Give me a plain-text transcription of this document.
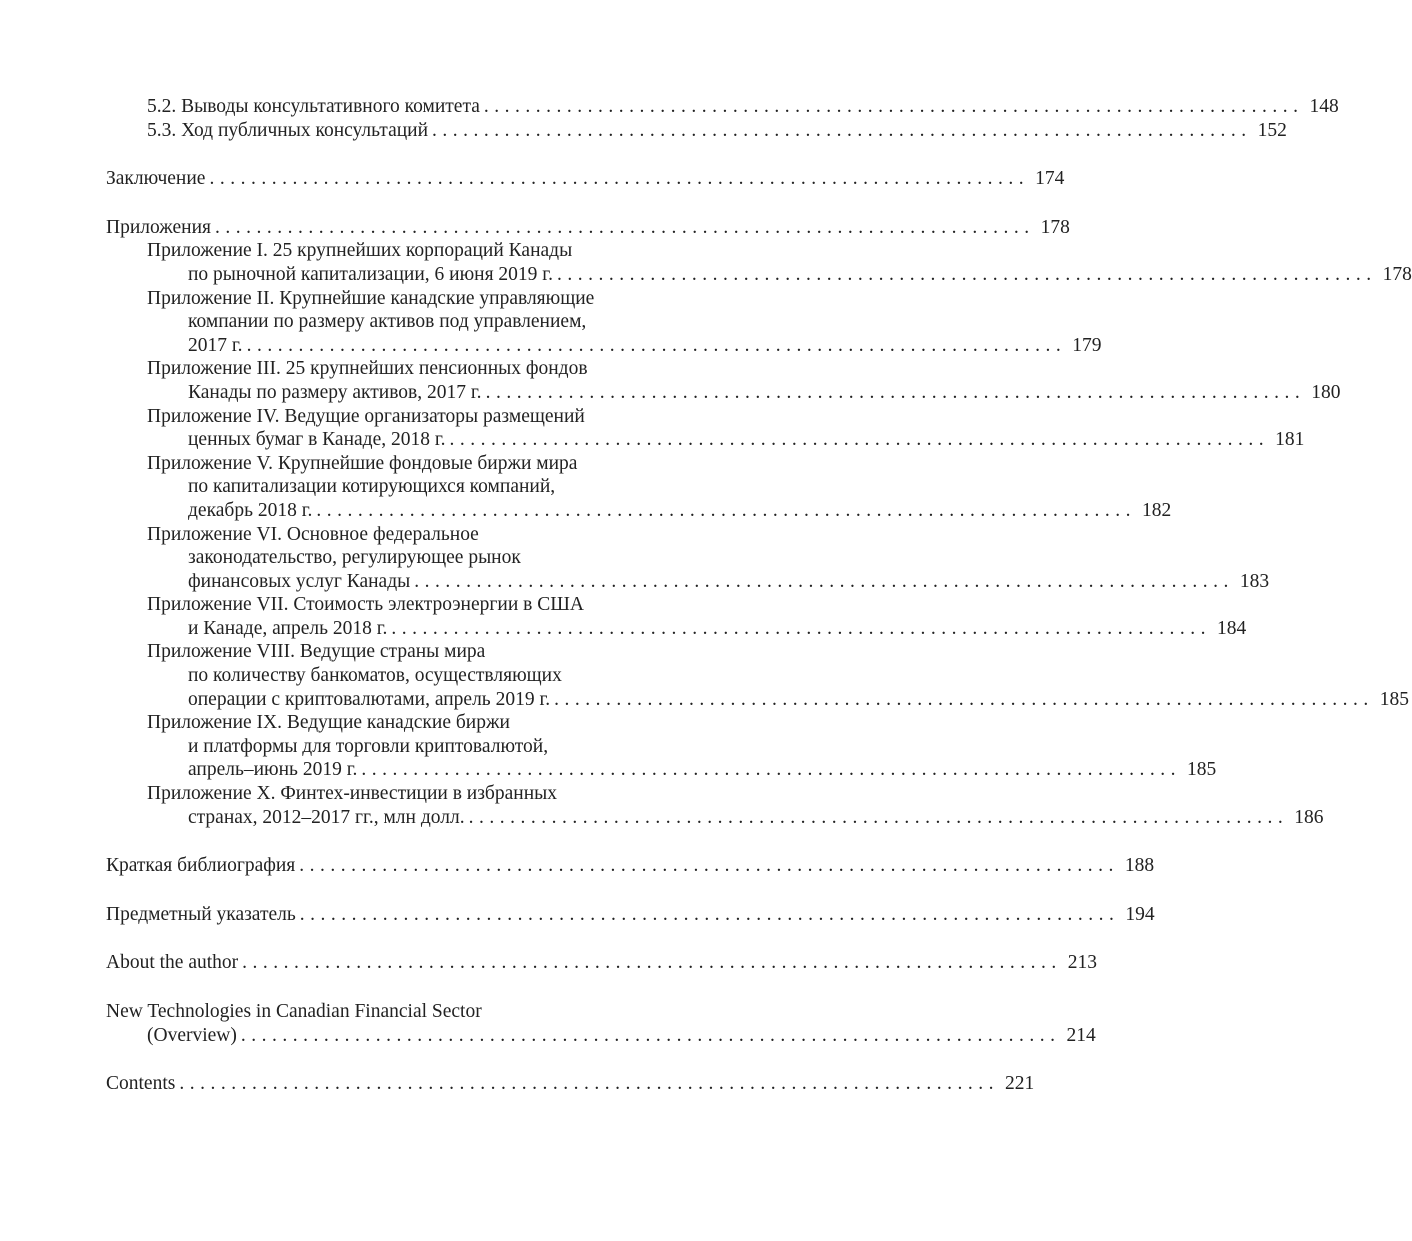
5.2. Выводы консультативного комитета ............................................................................... 148
5.3. Ход публичных консультаций ............................................................................... 152
Заключение ............................................................................... 174
Приложения ............................................................................... 178
Приложение I. 25 крупнейших корпораций Канады
по рыночной капитализации, 6 июня 2019 г. ............................................................................... 178
Приложение II. Крупнейшие канадские управляющие
компании по размеру активов под управлением,
2017 г. ............................................................................... 179
Приложение III. 25 крупнейших пенсионных фондов
Канады по размеру активов, 2017 г. ............................................................................... 180
Приложение IV. Ведущие организаторы размещений
ценных бумаг в Канаде, 2018 г. ............................................................................... 181
Приложение V. Крупнейшие фондовые биржи мира
по капитализации котирующихся компаний,
декабрь 2018 г. ............................................................................... 182
Приложение VI. Основное федеральное
законодательство, регулирующее рынок
финансовых услуг Канады ............................................................................... 183
Приложение VII. Стоимость электроэнергии в США
и Канаде, апрель 2018 г. ............................................................................... 184
Приложение VIII. Ведущие страны мира
по количеству банкоматов, осуществляющих
операции с криптовалютами, апрель 2019 г. ............................................................................... 185
Приложение IX. Ведущие канадские биржи
и платформы для торговли криптовалютой,
апрель–июнь 2019 г. ............................................................................... 185
Приложение X. Финтех-инвестиции в избранных
странах, 2012–2017 гг., млн долл. ............................................................................... 186
Краткая библиография ............................................................................... 188
Предметный указатель ............................................................................... 194
About the author ............................................................................... 213
New Technologies in Canadian Financial Sector
(Overview) ............................................................................... 214
Contents ............................................................................... 221
